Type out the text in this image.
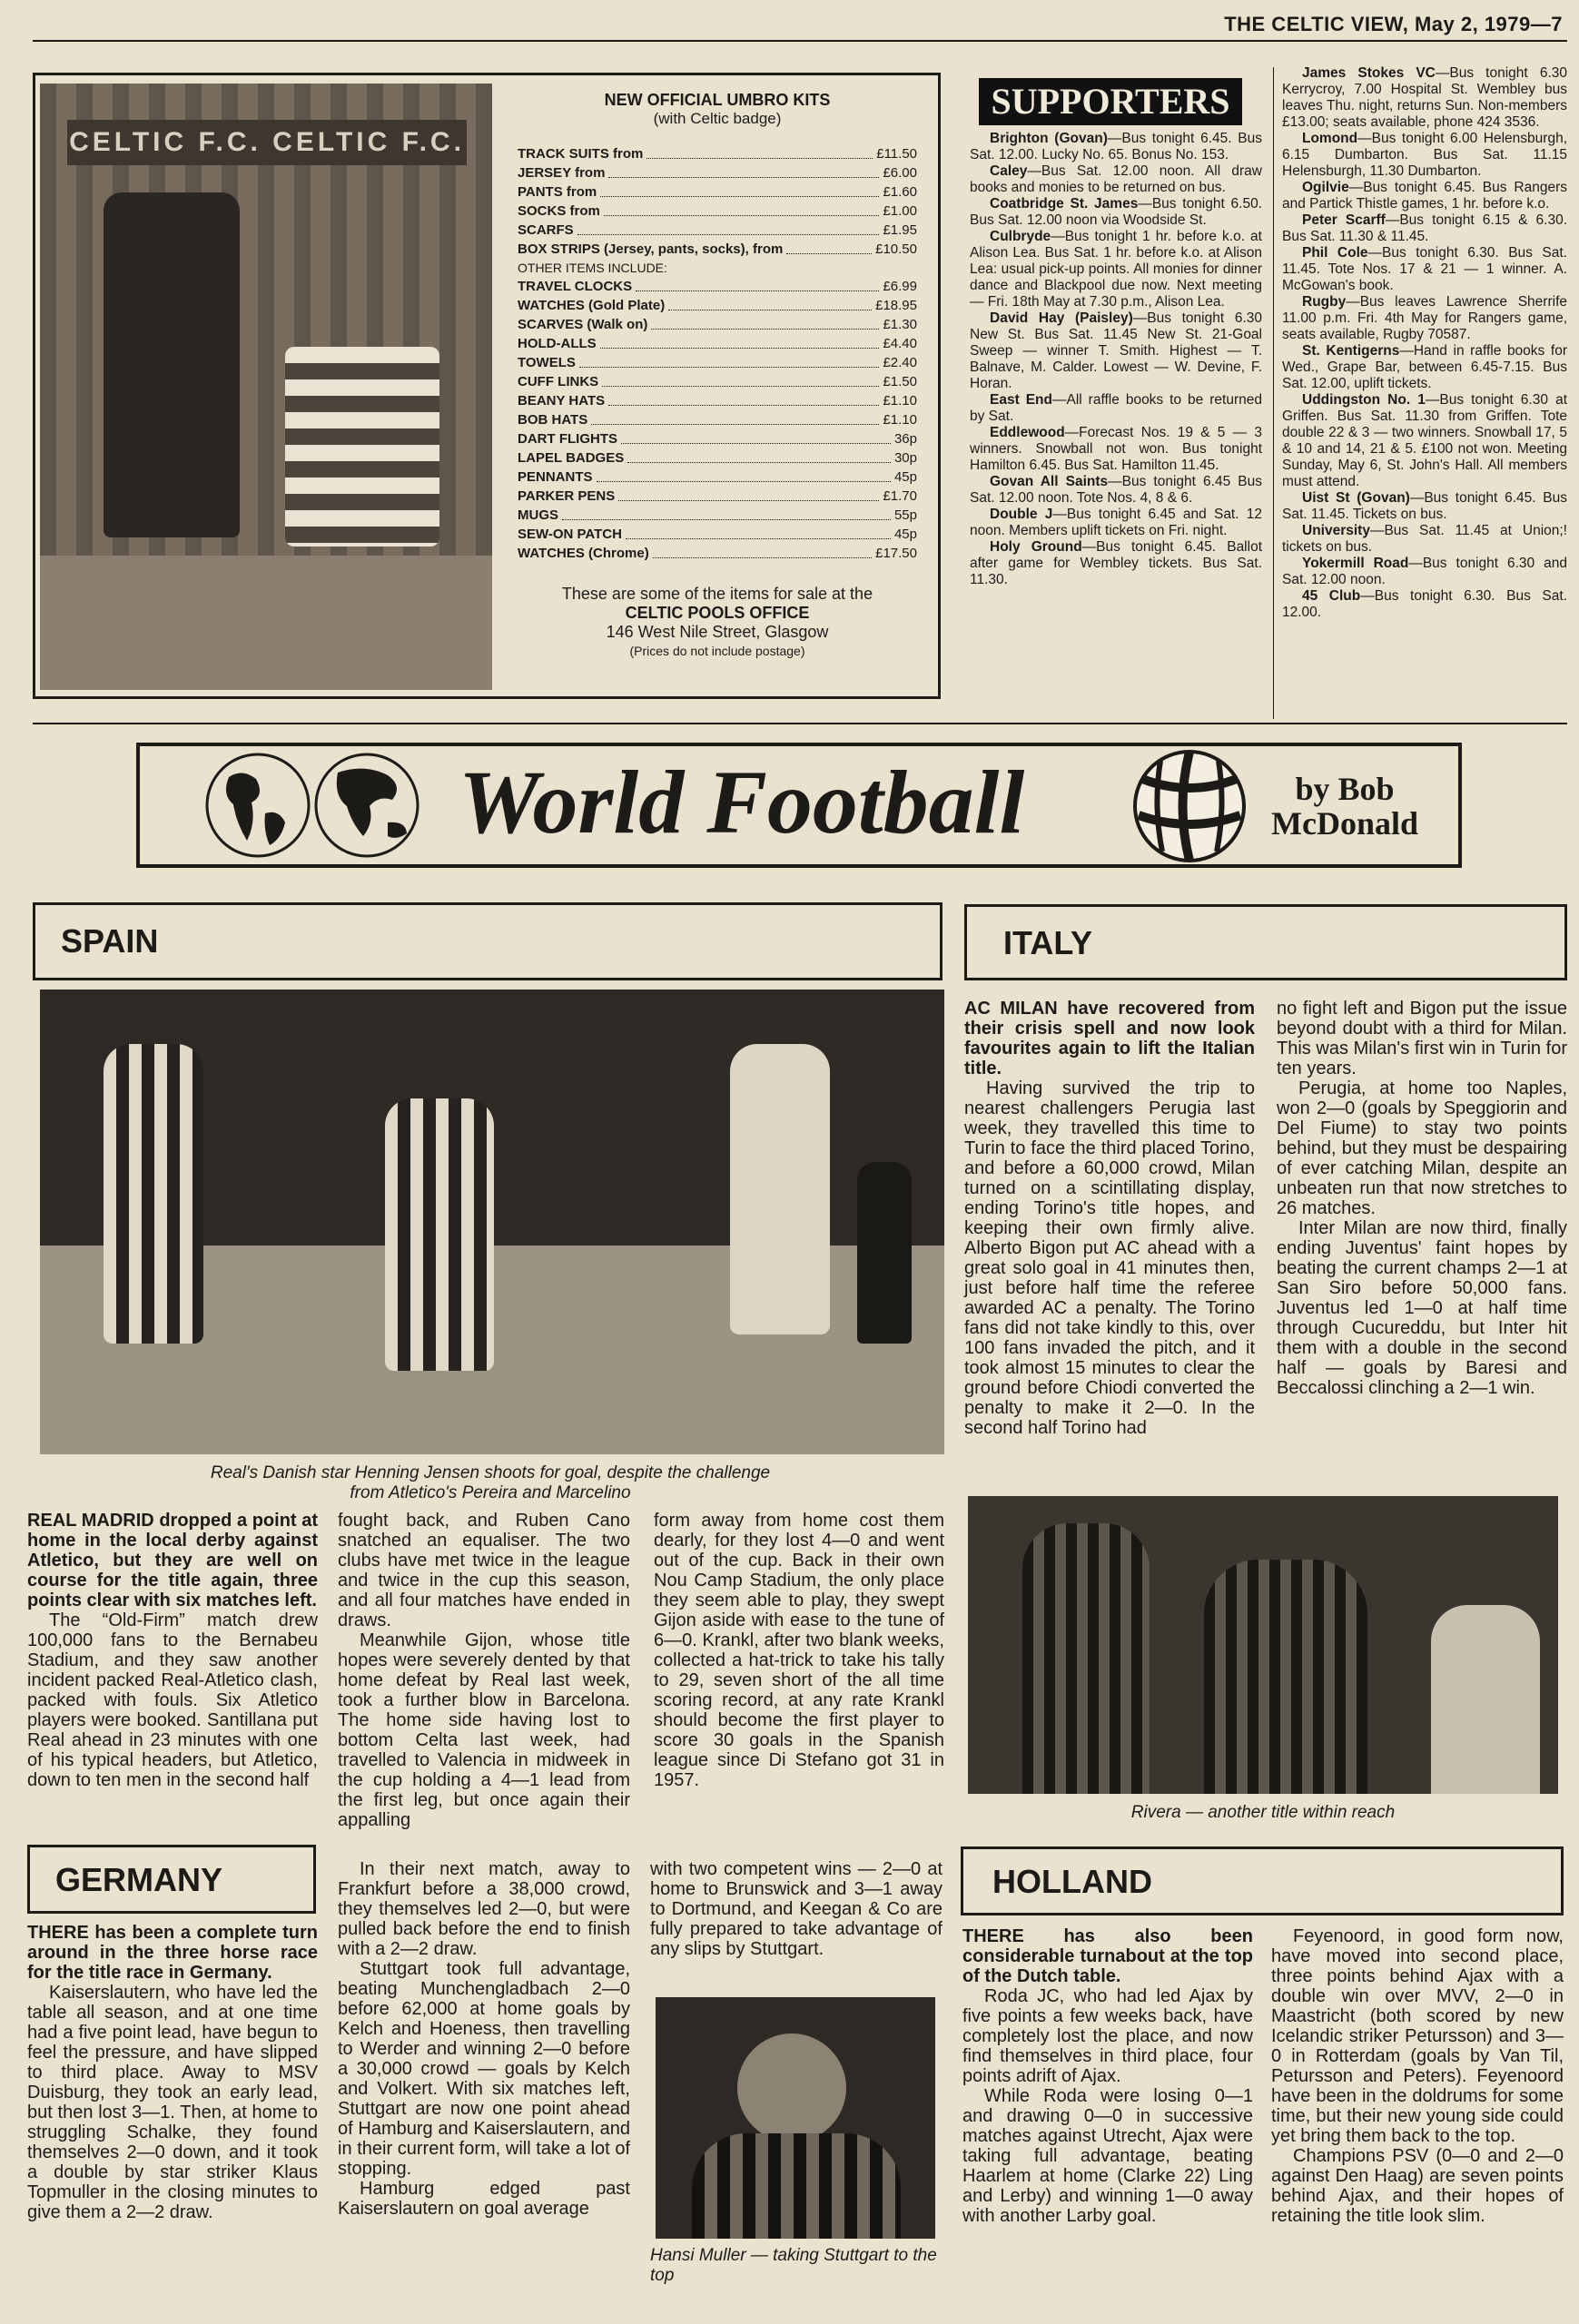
THE CELTIC VIEW, May 2, 1979—7
CELTIC F.C. CELTIC F.C.
NEW OFFICIAL UMBRO KITS
(with Celtic badge)
TRACK SUITS from	£11.50
JERSEY from	£6.00
PANTS from	£1.60
SOCKS from	£1.00
SCARFS	£1.95
BOX STRIPS (Jersey, pants, socks), from	£10.50
OTHER ITEMS INCLUDE:
TRAVEL CLOCKS	£6.99
WATCHES (Gold Plate)	£18.95
SCARVES (Walk on)	£1.30
HOLD-ALLS	£4.40
TOWELS	£2.40
CUFF LINKS	£1.50
BEANY HATS	£1.10
BOB HATS	£1.10
DART FLIGHTS	36p
LAPEL BADGES	30p
PENNANTS	45p
PARKER PENS	£1.70
MUGS	55p
SEW-ON PATCH	45p
WATCHES (Chrome)	£17.50
These are some of the items for sale at the
CELTIC POOLS OFFICE
146 West Nile Street, Glasgow
(Prices do not include postage)
SUPPORTERS
Brighton (Govan)—Bus tonight 6.45. Bus Sat. 12.00. Lucky No. 65. Bonus No. 153.
Caley—Bus Sat. 12.00 noon. All draw books and monies to be returned on bus.
Coatbridge St. James—Bus tonight 6.50. Bus Sat. 12.00 noon via Woodside St.
Culbryde—Bus tonight 1 hr. before k.o. at Alison Lea. Bus Sat. 1 hr. before k.o. at Alison Lea: usual pick-up points. All monies for dinner dance and Blackpool due now. Next meeting — Fri. 18th May at 7.30 p.m., Alison Lea.
David Hay (Paisley)—Bus tonight 6.30 New St. Bus Sat. 11.45 New St. 21-Goal Sweep — winner T. Smith. Highest — T. Balnave, M. Calder. Lowest — W. Devine, F. Horan.
East End—All raffle books to be returned by Sat.
Eddlewood—Forecast Nos. 19 & 5 — 3 winners. Snowball not won. Bus tonight Hamilton 6.45. Bus Sat. Hamilton 11.45.
Govan All Saints—Bus tonight 6.45 Bus Sat. 12.00 noon. Tote Nos. 4, 8 & 6.
Double J—Bus tonight 6.45 and Sat. 12 noon. Members uplift tickets on Fri. night.
Holy Ground—Bus tonight 6.45. Ballot after game for Wembley tickets. Bus Sat. 11.30.
James Stokes VC—Bus tonight 6.30 Kerrycroy, 7.00 Hospital St. Wembley bus leaves Thu. night, returns Sun. Non-members £13.00; seats available, phone 424 3536.
Lomond—Bus tonight 6.00 Helensburgh, 6.15 Dumbarton. Bus Sat. 11.15 Helensburgh, 11.30 Dumbarton.
Ogilvie—Bus tonight 6.45. Bus Rangers and Partick Thistle games, 1 hr. before k.o.
Peter Scarff—Bus tonight 6.15 & 6.30. Bus Sat. 11.30 & 11.45.
Phil Cole—Bus tonight 6.30. Bus Sat. 11.45. Tote Nos. 17 & 21 — 1 winner. A. McGowan's book.
Rugby—Bus leaves Lawrence Sherrife 11.00 p.m. Fri. 4th May for Rangers game, seats available, Rugby 70587.
St. Kentigerns—Hand in raffle books for Wed., Grape Bar, between 6.45-7.15. Bus Sat. 12.00, uplift tickets.
Uddingston No. 1—Bus tonight 6.30 at Griffen. Bus Sat. 11.30 from Griffen. Tote double 22 & 3 — two winners. Snowball 17, 5 & 10 and 14, 21 & 5. £100 not won. Meeting Sunday, May 6, St. John's Hall. All members must attend.
Uist St (Govan)—Bus tonight 6.45. Bus Sat. 11.45. Tickets on bus.
University—Bus Sat. 11.45 at Union;! tickets on bus.
Yokermill Road—Bus tonight 6.30 and Sat. 12.00 noon.
45 Club—Bus tonight 6.30. Bus Sat. 12.00.
World Football	by Bob
McDonald
SPAIN
Real's Danish star Henning Jensen shoots for goal, despite the challenge
from Atletico's Pereira and Marcelino

REAL MADRID dropped a point at home in the local derby against Atletico, but they are well on course for the title again, three points clear with six matches left.

The “Old-Firm” match drew 100,000 fans to the Bernabeu Stadium, and they saw another incident packed Real-Atletico clash, packed with fouls. Six Atletico players were booked. Santillana put Real ahead in 23 minutes with one of his typical headers, but Atletico, down to ten men in the second half

fought back, and Ruben Cano snatched an equaliser. The two clubs have met twice in the league and twice in the cup this season, and all four matches have ended in draws.

Meanwhile Gijon, whose title hopes were severely dented by that home defeat by Real last week, took a further blow in Barcelona. The home side having lost to bottom Celta last week, had travelled to Valencia in midweek in the cup holding a 4—1 lead from the first leg, but once again their appalling

form away from home cost them dearly, for they lost 4—0 and went out of the cup. Back in their own Nou Camp Stadium, the only place they seem able to play, they swept Gijon aside with ease to the tune of 6—0. Krankl, after two blank weeks, collected a hat-trick to take his tally to 29, seven short of the all time scoring record, at any rate Krankl should become the first player to score 30 goals in the Spanish league since Di Stefano got 31 in 1957.

ITALY

AC MILAN have recovered from their crisis spell and now look favourites again to lift the Italian title.

Having survived the trip to nearest challengers Perugia last week, they travelled this time to Turin to face the third placed Torino, and before a 60,000 crowd, Milan turned on a scintillating display, ending Torino's title hopes, and keeping their own firmly alive. Alberto Bigon put AC ahead with a great solo goal in 41 minutes then, just before half time the referee awarded AC a penalty. The Torino fans did not take kindly to this, over 100 fans invaded the pitch, and it took almost 15 minutes to clear the ground before Chiodi converted the penalty to make it 2—0. In the second half Torino had

no fight left and Bigon put the issue beyond doubt with a third for Milan. This was Milan's first win in Turin for ten years.

Perugia, at home too Naples, won 2—0 (goals by Speggiorin and Del Fiume) to stay two points behind, but they must be despairing of ever catching Milan, despite an unbeaten run that now stretches to 26 matches.

Inter Milan are now third, finally ending Juventus' faint hopes by beating the current champs 2—1 at San Siro before 50,000 fans. Juventus led 1—0 at half time through Cucureddu, but Inter hit them with a double in the second half — goals by Baresi and Beccalossi clinching a 2—1 win.

Rivera — another title within reach
GERMANY

THERE has been a complete turn around in the three horse race for the title race in Germany.

Kaiserslautern, who have led the table all season, and at one time had a five point lead, have begun to feel the pressure, and have slipped to third place. Away to MSV Duisburg, they took an early lead, but then lost 3—1. Then, at home to struggling Schalke, they found themselves 2—0 down, and it took a double by star striker Klaus Topmuller in the closing minutes to give them a 2—2 draw.

In their next match, away to Frankfurt before a 38,000 crowd, they themselves led 2—0, but were pulled back before the end to finish with a 2—2 draw.

Stuttgart took full advantage, beating Munchengladbach 2—0 before 62,000 at home goals by Kelch and Hoeness, then travelling to Werder and winning 2—0 before a 30,000 crowd — goals by Kelch and Volkert. With six matches left, Stuttgart are now one point ahead of Hamburg and Kaiserslautern, and in their current form, will take a lot of stopping.

Hamburg edged past Kaiserslautern on goal average

with two competent wins — 2—0 at home to Brunswick and 3—1 away to Dortmund, and Keegan & Co are fully prepared to take advantage of any slips by Stuttgart.

Hansi Muller — taking Stuttgart to the top
HOLLAND

THERE has also been considerable turnabout at the top of the Dutch table.

Roda JC, who had led Ajax by five points a few weeks back, have completely lost the place, and now find themselves in third place, four points adrift of Ajax.

While Roda were losing 0—1 and drawing 0—0 in successive matches against Utrecht, Ajax were taking full advantage, beating Haarlem at home (Clarke 22) Ling and Lerby) and winning 1—0 away with another Larby goal.

Feyenoord, in good form now, have moved into second place, three points behind Ajax with a double win over MVV, 2—0 in Maastricht (both scored by new Icelandic striker Petursson) and 3—0 in Rotterdam (goals by Van Til, Petursson and Peters). Feyenoord have been in the doldrums for some time, but their new young side could yet bring them back to the top.

Champions PSV (0—0 and 2—0 against Den Haag) are seven points behind Ajax, and their hopes of retaining the title look slim.
